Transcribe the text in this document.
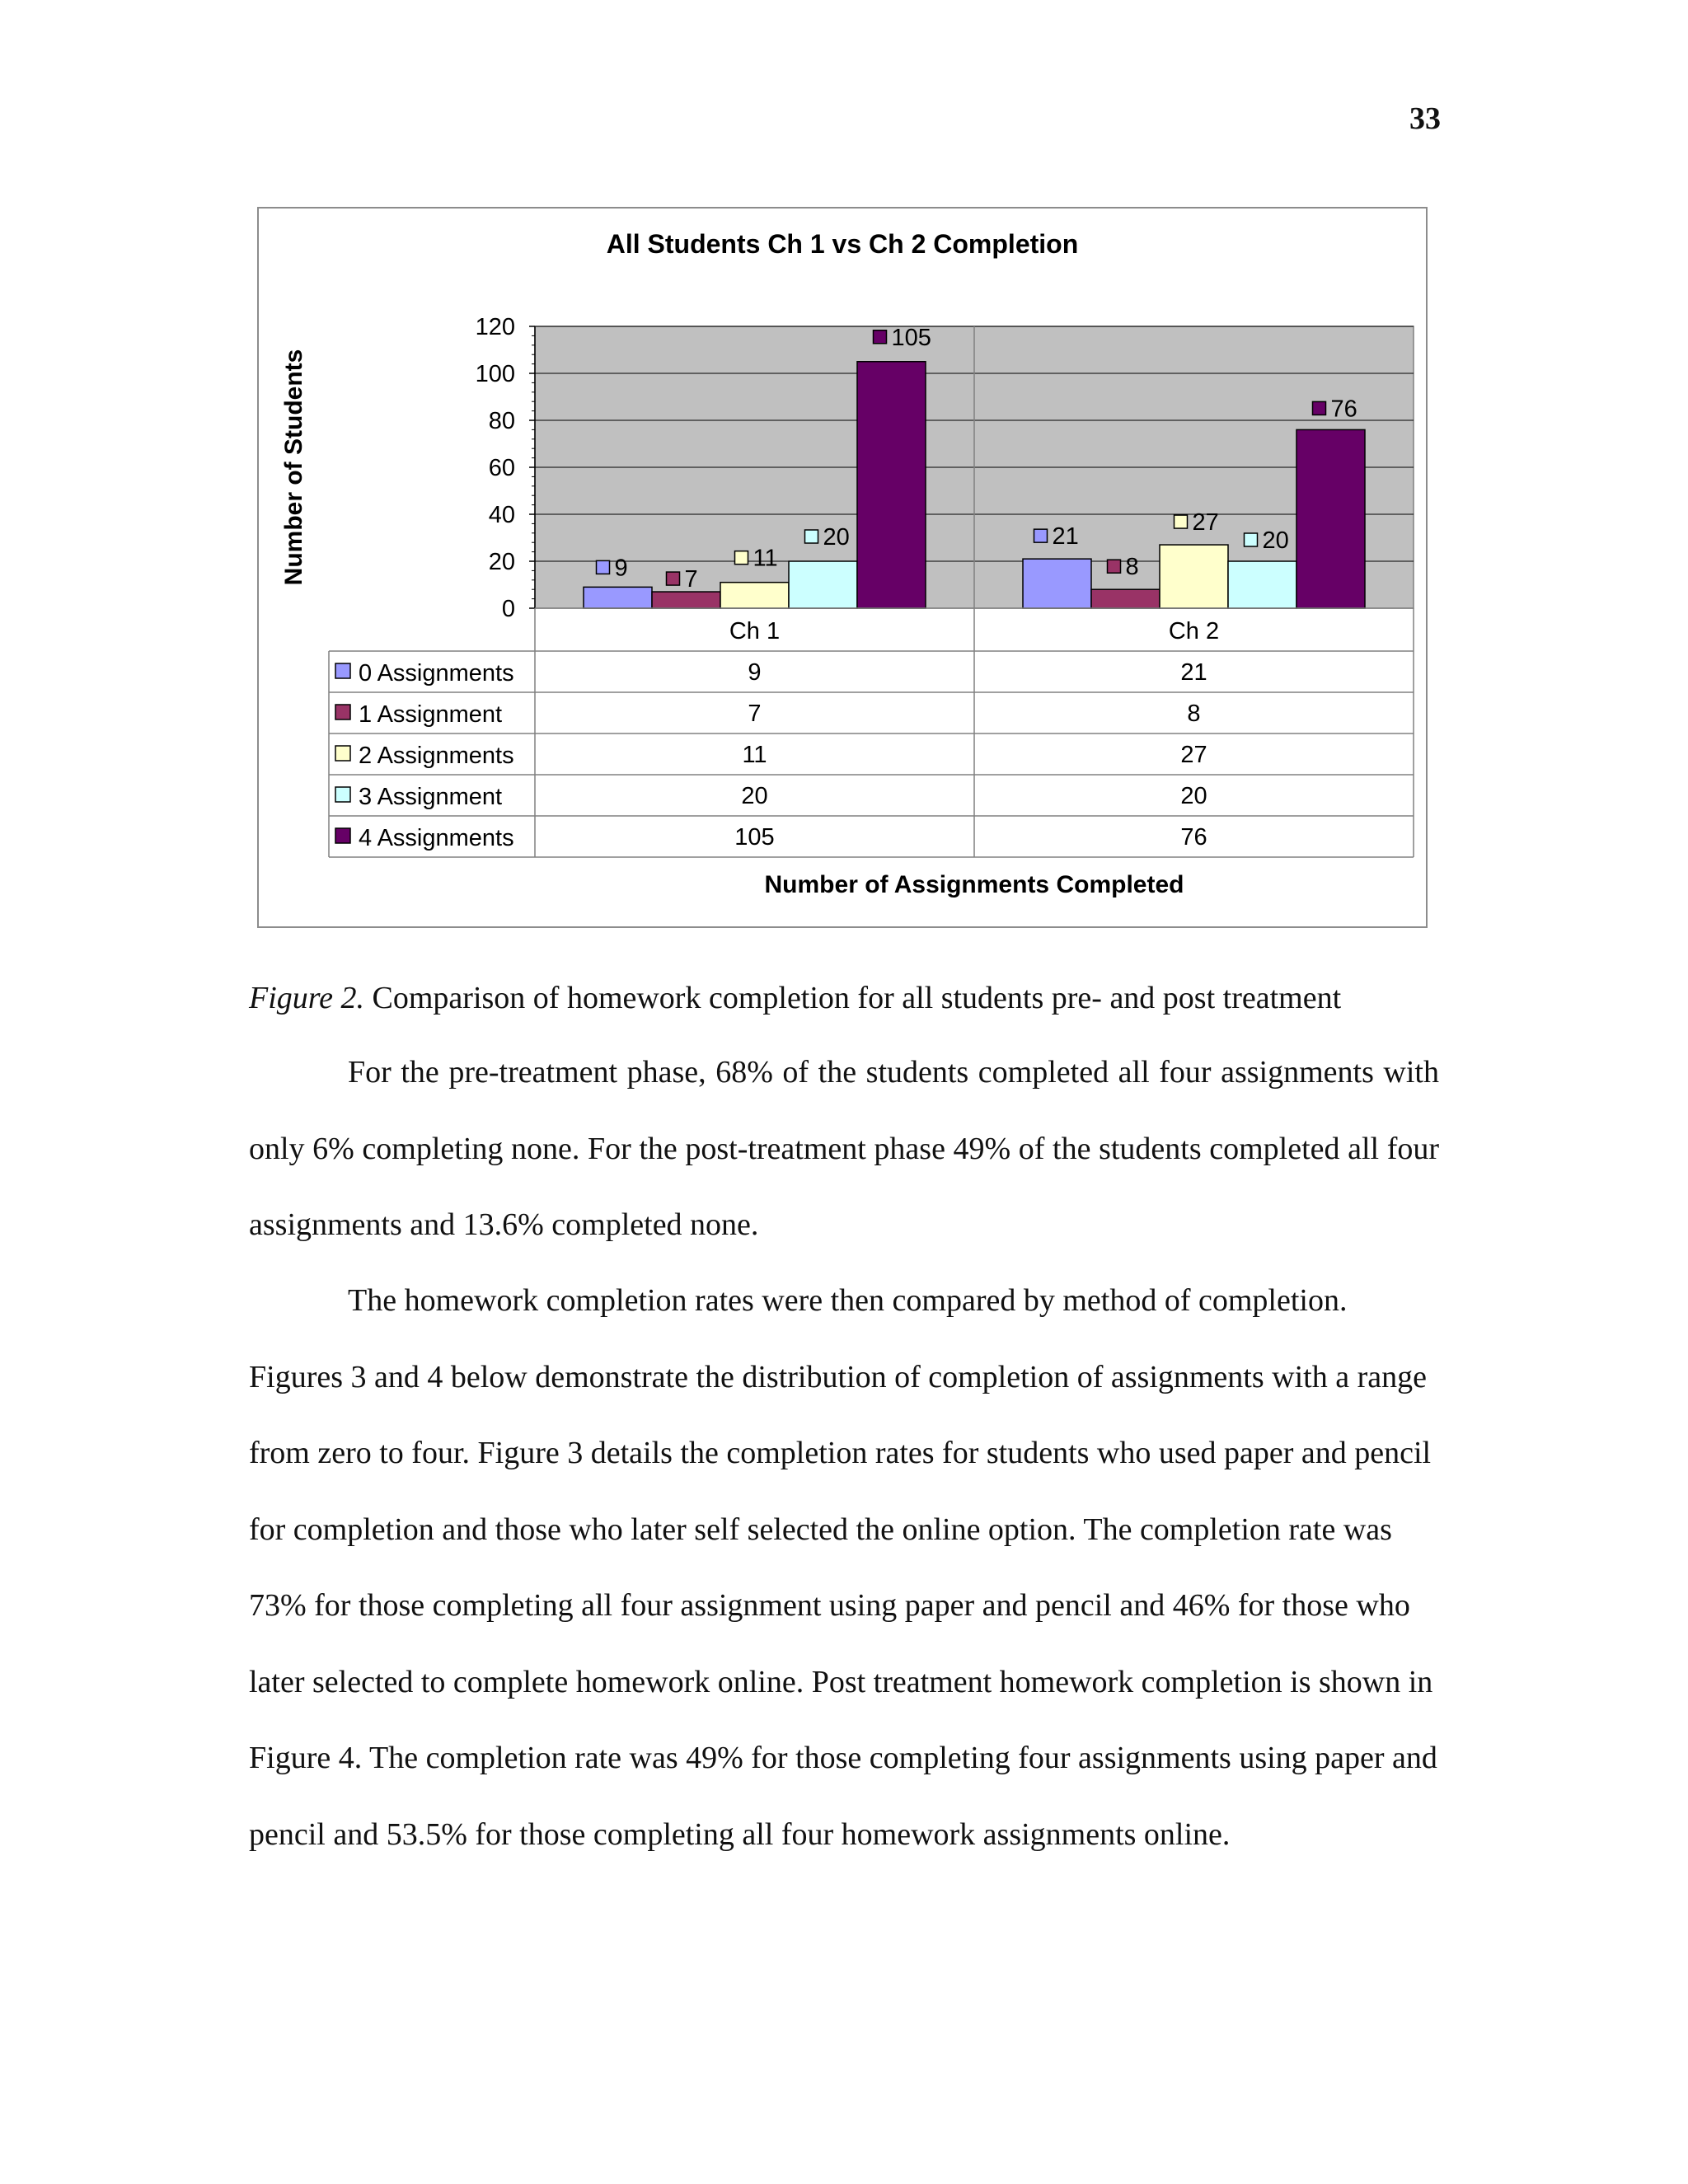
33
All Students Ch 1 vs Ch 2 Completion
Number of Students
0
20
40
60
80
100
120
9 7
11
20
105
21
8
27
20
76
Ch 1	Ch 2
0 Assignments	9	21
1 Assignment	7	8
2 Assignments	11	27
3 Assignment	20	20
4 Assignments	105	76
Number of Assignments Completed
Figure 2. Comparison of homework completion for all students pre- and post treatment

For the pre-treatment phase, 68% of the students completed all four assignments with only 6% completing none. For the post-treatment phase 49% of the students completed all four assignments and 13.6% completed none.

The homework completion rates were then compared by method of completion. Figures 3 and 4 below demonstrate the distribution of completion of assignments with a range from zero to four. Figure 3 details the completion rates for students who used paper and pencil for completion and those who later self selected the online option. The completion rate was 73% for those completing all four assignment using paper and pencil and 46% for those who later selected to complete homework online. Post treatment homework completion is shown in Figure 4. The completion rate was 49% for those completing four assignments using paper and pencil and 53.5% for those completing all four homework assignments online.
